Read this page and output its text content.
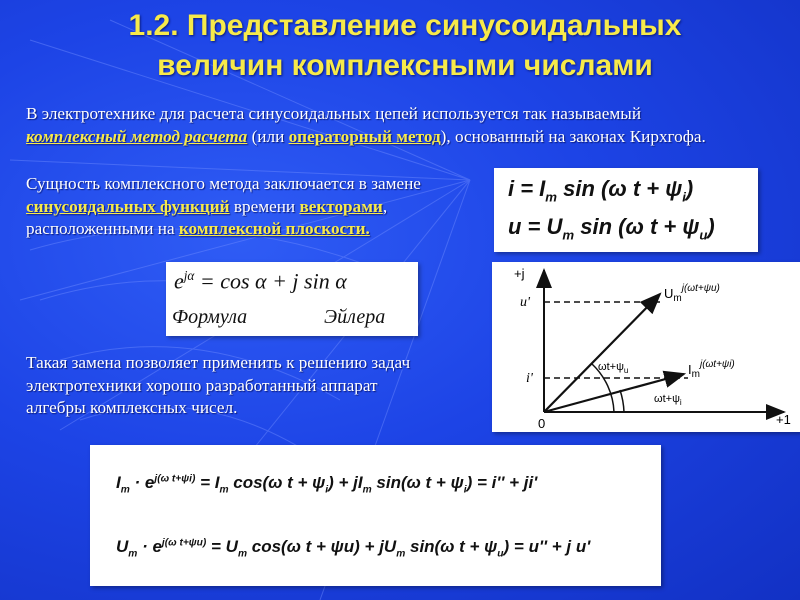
1.2. Представление синусоидальных
величин комплексными числами
В электротехнике для расчета синусоидальных цепей используется так называемый комплексный метод расчета (или операторный метод), основанный на законах Кирхгофа.
Сущность комплексного метода заключается в замене синусоидальных функций времени векторами, расположенными на комплексной плоскости.
Такая замена позволяет применить к решению задач электротехники хорошо разработанный аппарат алгебры комплексных чисел.
$i = I_m$ sin (ω $t + \psi_i$)
$u = U_m$ sin (ω $t + \psi_u$)
$e^{j\alpha} = \cos \alpha + j$ sin α
Формула	Эйлера
+j
+1
0
u'
i'
$U_m^{j(\omega t+\psi u)}$
$I_m^{j(\omega t+\psi i)}$
$\omega t+\psi_u$
$\omega t+\psi_i$
$I_m \cdot e^{j(\omega t+\psi i)} = I_m$ cos(ω $t + \psi_i) + jI_m$ sin(ω $t + \psi_i) = i'' + ji'$
$U_m \cdot e^{j(\omega t+\psi u)} = U_m$ cos(ω $t + \psi u) + jU_m$ sin(ω $t + \psi_u) = u'' + j$ u'
